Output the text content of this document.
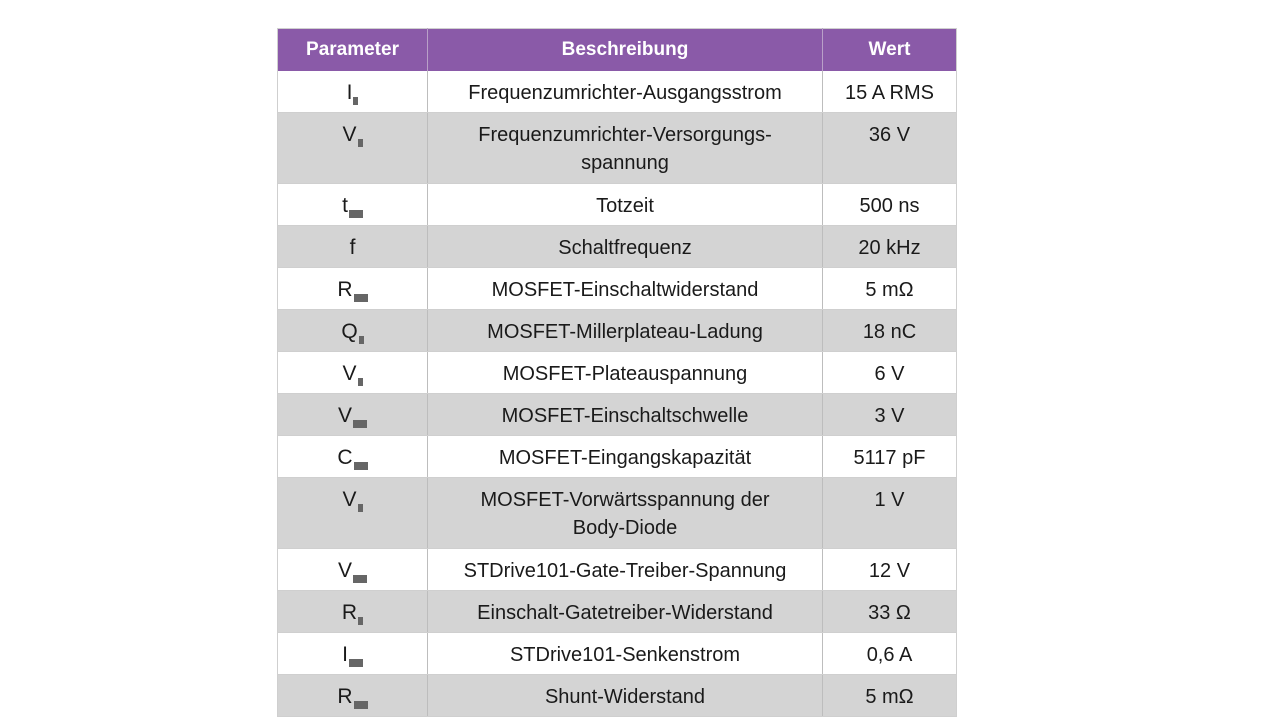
Parameter	Beschreibung	Wert
I	Frequenzumrichter-Ausgangsstrom	15 A RMS
V	Frequenzumrichter-Versorgungs-spannung	36 V
t	Totzeit	500 ns
f	Schaltfrequenz	20 kHz
R	MOSFET-Einschaltwiderstand	5 mΩ
Q	MOSFET-Millerplateau-Ladung	18 nC
V	MOSFET-Plateauspannung	6 V
V	MOSFET-Einschaltschwelle	3 V
C	MOSFET-Eingangskapazität	5117 pF
V	MOSFET-Vorwärtsspannung der Body-Diode	1 V
V	STDrive101-Gate-Treiber-Spannung	12 V
R	Einschalt-Gatetreiber-Widerstand	33 Ω
I	STDrive101-Senkenstrom	0,6 A
R	Shunt-Widerstand	5 mΩ
